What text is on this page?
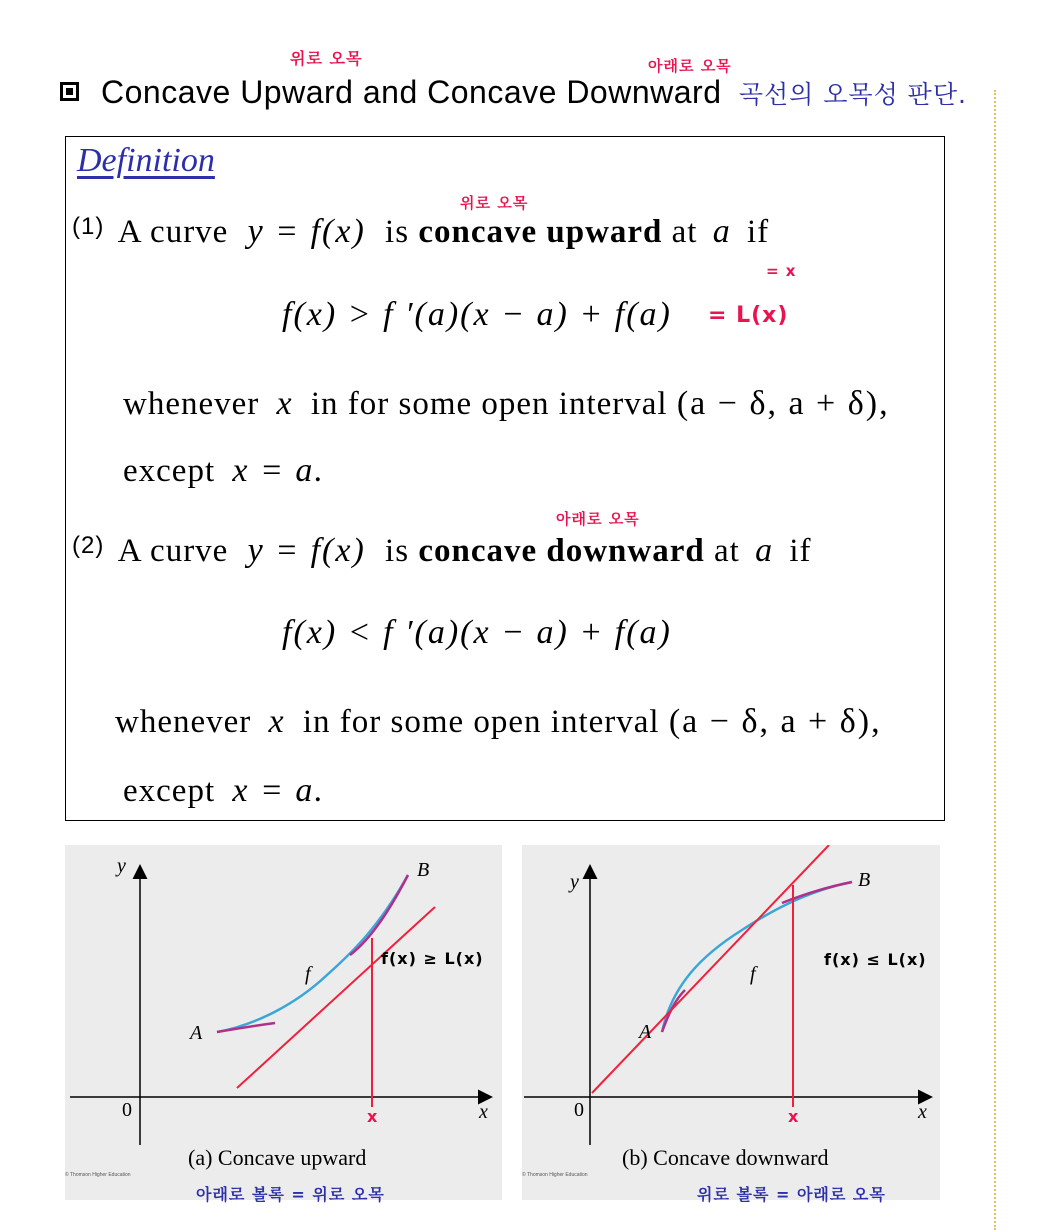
위로 오목	아래로 오목
Concave Upward and Concave Downward 곡선의 오목성 판단.
Definition
위로 오목
$^{(1)}$ A curve y = f(x) is concave upward at a if
= x
f(x) > f ′(a)(x − a) + f(a) = L(x)
whenever x in for some open interval (a − δ, a + δ),
except x = a.
아래로 오목
$^{(2)}$ A curve y = f(x) is concave downward at a if
f(x) < f ′(a)(x − a) + f(a)
whenever x in for some open interval (a − δ, a + δ),
except x = a.
y
x
0
A
B
f
f(x) ≥ L(x)
x
(a) Concave upward
아래로 볼록 = 위로 오목
© Thomson Higher Education
y
x
0
A
B
f
f(x) ≤ L(x)
x
(b) Concave downward
위로 볼록 = 아래로 오목
© Thomson Higher Education
